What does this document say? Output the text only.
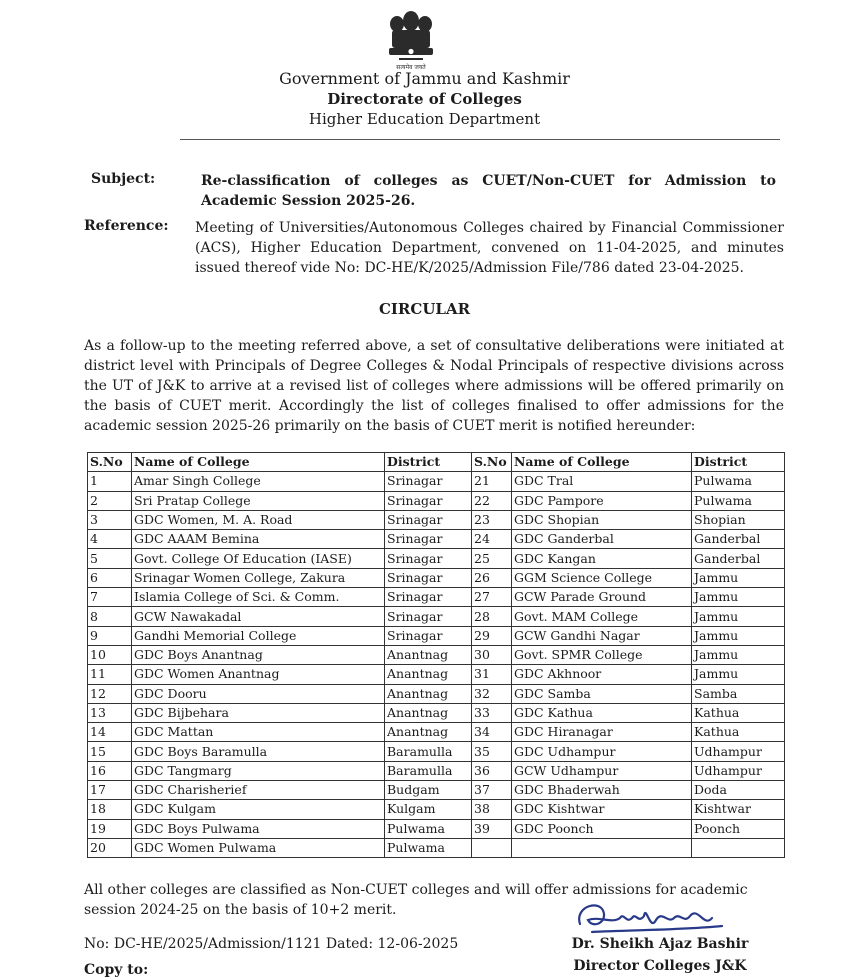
सत्यमेव जयते
Government of Jammu and Kashmir
Directorate of Colleges
Higher Education Department
Subject:	Re-classification of colleges as CUET/Non-CUET for Admission to Academic Session 2025-26.
Reference: Meeting of Universities/Autonomous Colleges chaired by Financial Commissioner (ACS), Higher Education Department, convened on 11-04-2025, and minutes issued thereof vide No: DC-HE/K/2025/Admission File/786 dated 23-04-2025.
CIRCULAR
As a follow-up to the meeting referred above, a set of consultative deliberations were initiated at district level with Principals of Degree Colleges & Nodal Principals of respective divisions across the UT of J&K to arrive at a revised list of colleges where admissions will be offered primarily on the basis of CUET merit. Accordingly the list of colleges finalised to offer admissions for the academic session 2025-26 primarily on the basis of CUET merit is notified hereunder:
S.No	Name of College	District	S.No	Name of College	District
1	Amar Singh College	Srinagar	21	GDC Tral	Pulwama
2	Sri Pratap College	Srinagar	22	GDC Pampore	Pulwama
3	GDC Women, M. A. Road	Srinagar	23	GDC Shopian	Shopian
4	GDC AAAM Bemina	Srinagar	24	GDC Ganderbal	Ganderbal
5	Govt. College Of Education (IASE)	Srinagar	25	GDC Kangan	Ganderbal
6	Srinagar Women College, Zakura	Srinagar	26	GGM Science College	Jammu
7	Islamia College of Sci. & Comm.	Srinagar	27	GCW Parade Ground	Jammu
8	GCW Nawakadal	Srinagar	28	Govt. MAM College	Jammu
9	Gandhi Memorial College	Srinagar	29	GCW Gandhi Nagar	Jammu
10	GDC Boys Anantnag	Anantnag	30	Govt. SPMR College	Jammu
11	GDC Women Anantnag	Anantnag	31	GDC Akhnoor	Jammu
12	GDC Dooru	Anantnag	32	GDC Samba	Samba
13	GDC Bijbehara	Anantnag	33	GDC Kathua	Kathua
14	GDC Mattan	Anantnag	34	GDC Hiranagar	Kathua
15	GDC Boys Baramulla	Baramulla	35	GDC Udhampur	Udhampur
16	GDC Tangmarg	Baramulla	36	GCW Udhampur	Udhampur
17	GDC Charisherief	Budgam	37	GDC Bhaderwah	Doda
18	GDC Kulgam	Kulgam	38	GDC Kishtwar	Kishtwar
19	GDC Boys Pulwama	Pulwama	39	GDC Poonch	Poonch
20	GDC Women Pulwama	Pulwama			
All other colleges are classified as Non-CUET colleges and will offer admissions for academic session 2024-25 on the basis of 10+2 merit.
No: DC-HE/2025/Admission/1121 Dated: 12-06-2025
Copy to:
Dr. Sheikh Ajaz Bashir
Director Colleges J&K
